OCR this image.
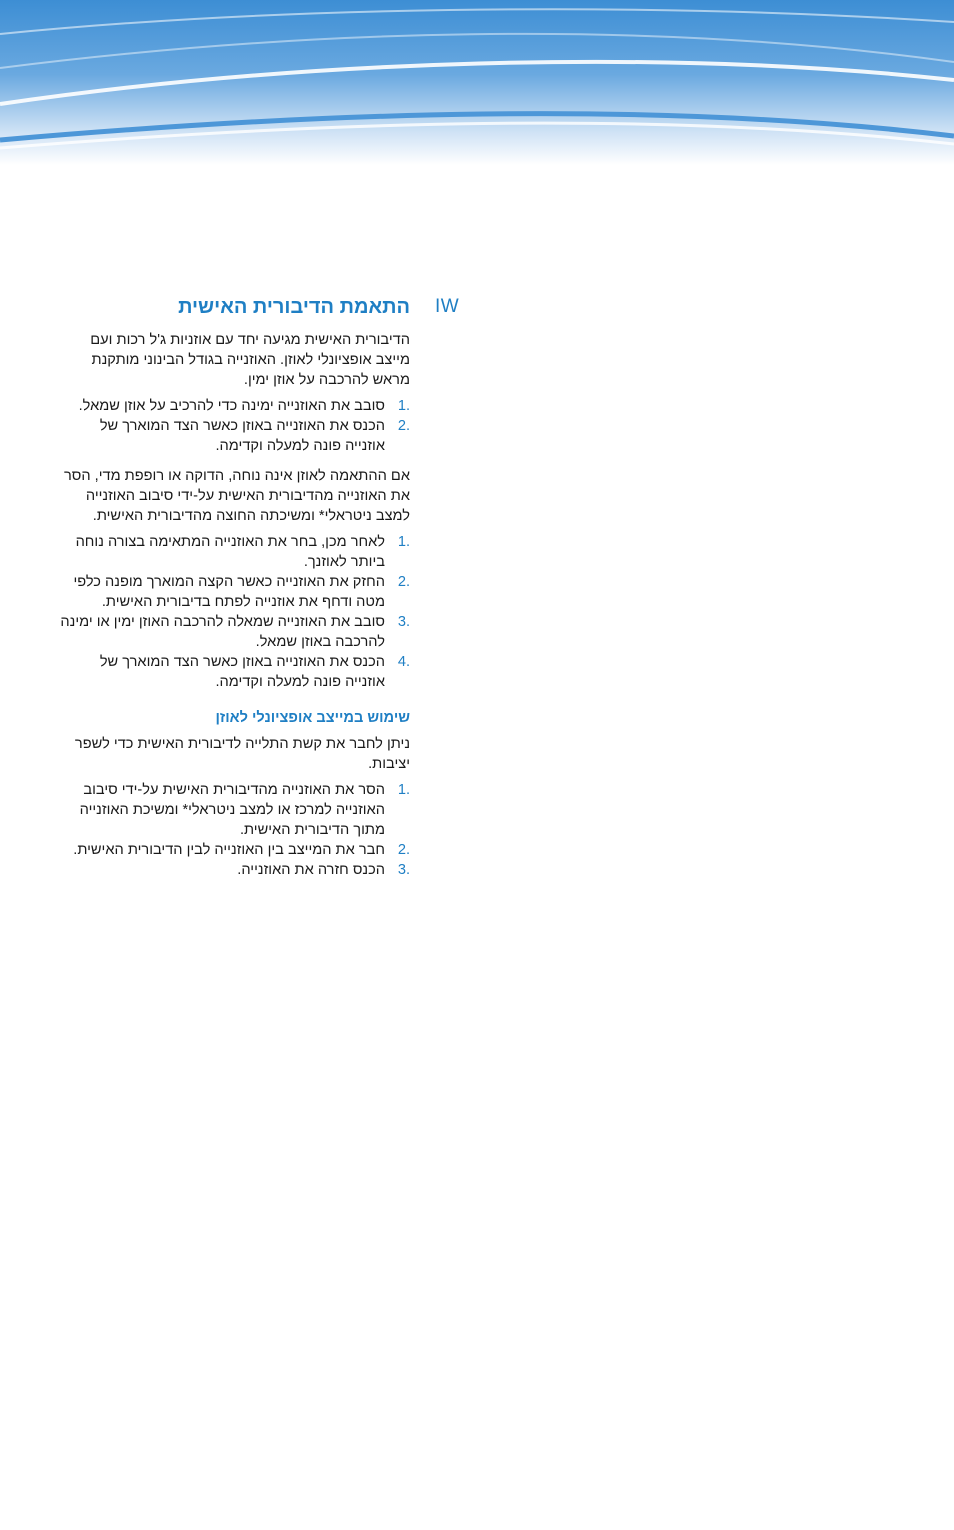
IW
התאמת הדיבורית האישית

הדיבורית האישית מגיעה יחד עם אוזניות ג'ל רכות ועם מייצב אופציונלי לאוזן. האוזנייה בגודל הבינוני מותקנת מראש להרכבה על אוזן ימין.

.1
סובב את האוזנייה ימינה כדי להרכיב על אוזן שמאל.
.2
הכנס את האוזנייה באוזן כאשר הצד המוארך של אוזנייה פונה למעלה וקדימה.

אם ההתאמה לאוזן אינה נוחה, הדוקה או רופפת מדי, הסר את האוזנייה מהדיבורית האישית על-ידי סיבוב האוזנייה למצב ניטראלי* ומשיכתה החוצה מהדיבורית האישית.

.1
לאחר מכן, בחר את האוזנייה המתאימה בצורה נוחה ביותר לאוזנך.
.2
החזק את האוזנייה כאשר הקצה המוארך מופנה כלפי מטה ודחף את אוזנייה לפתח בדיבורית האישית.
.3
סובב את האוזנייה שמאלה להרכבה האוזן ימין או ימינה להרכבה באוזן שמאל.
.4
הכנס את האוזנייה באוזן כאשר הצד המוארך של אוזנייה פונה למעלה וקדימה.
שימוש במייצב אופציונלי לאוזן

ניתן לחבר את קשת התלייה לדיבורית האישית כדי לשפר יציבות.

.1
הסר את האוזנייה מהדיבורית האישית על-ידי סיבוב האוזנייה למרכז או למצב ניטראלי* ומשיכת האוזנייה מתוך הדיבורית האישית.
.2
חבר את המייצב בין האוזנייה לבין הדיבורית האישית.
.3
הכנס חזרה את האוזנייה.
